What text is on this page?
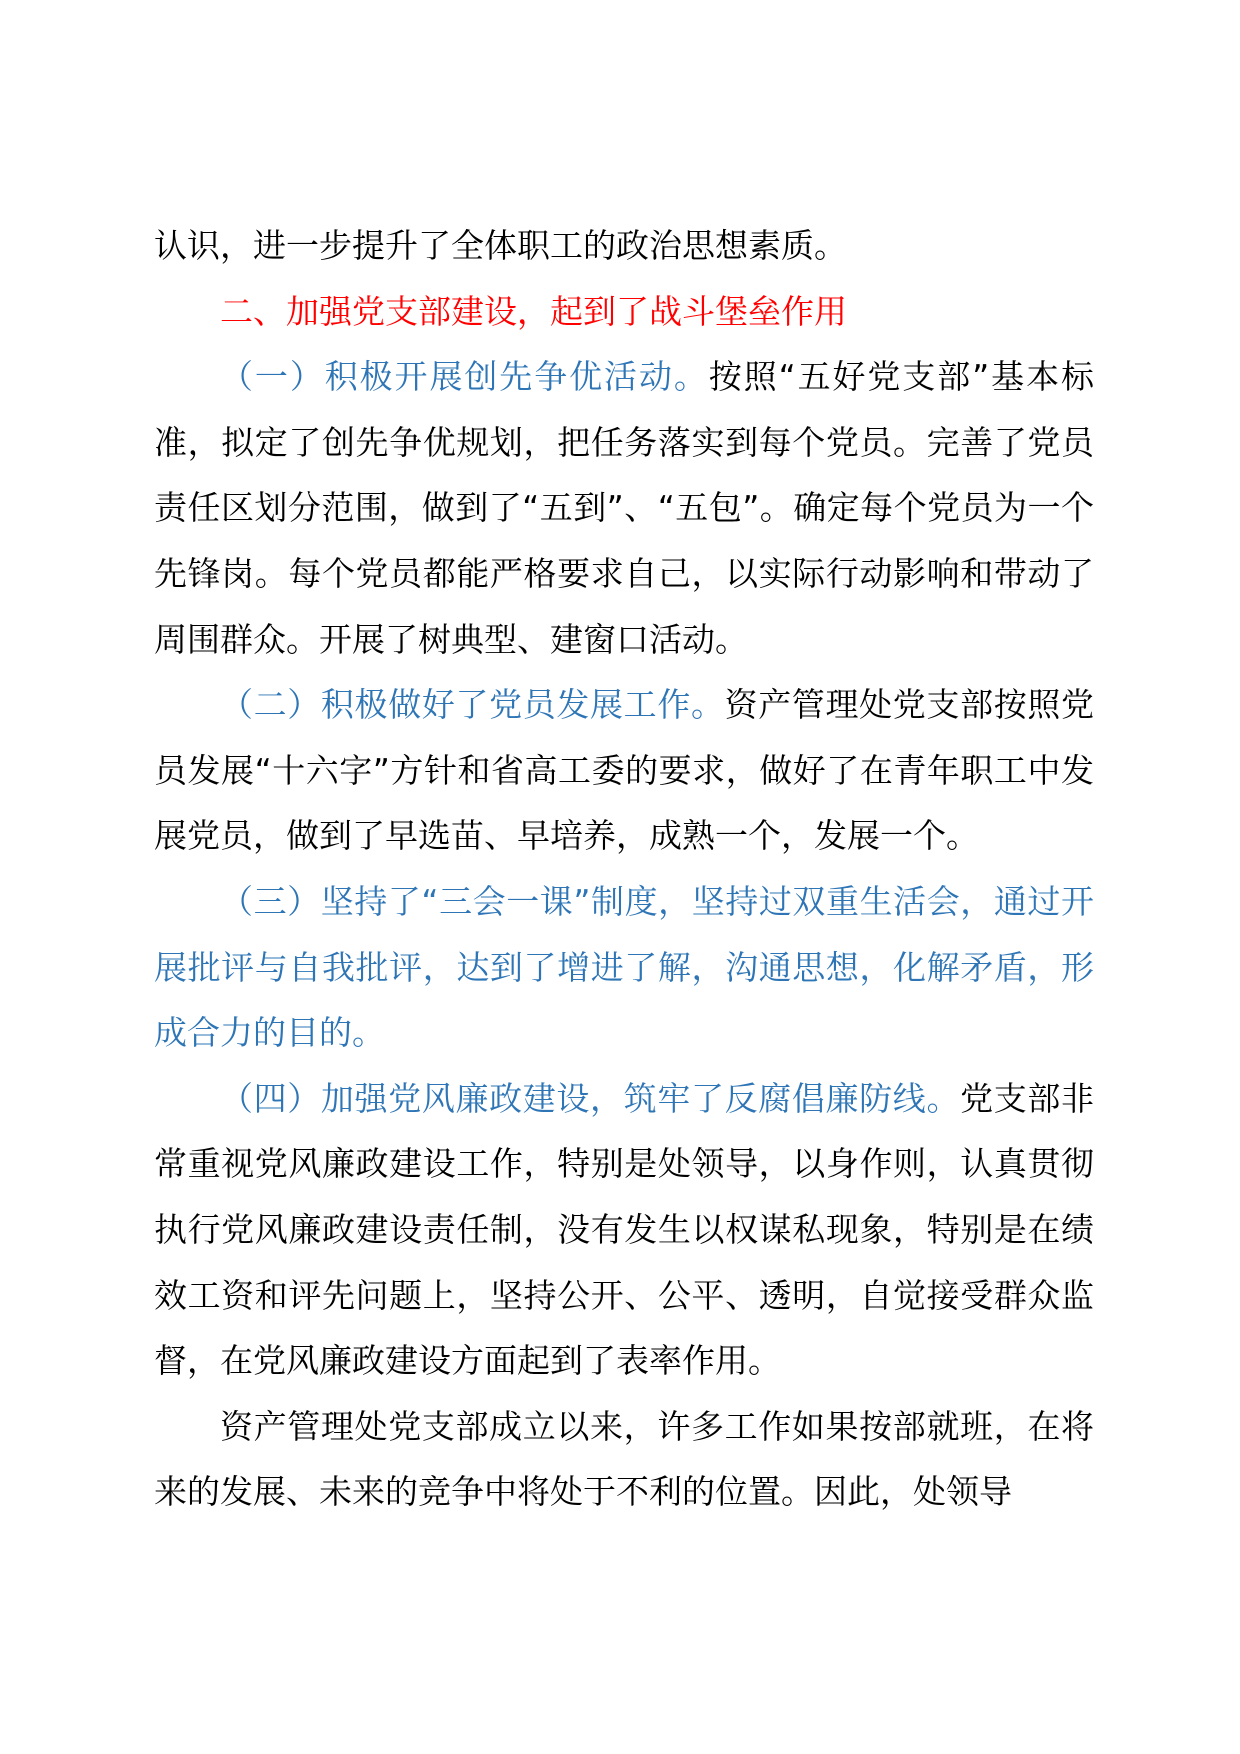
认识，进一步提升了全体职工的政治思想素质。

二、加强党支部建设，起到了战斗堡垒作用

（一）积极开展创先争优活动。按照“五好党支部”基本标准，拟定了创先争优规划，把任务落实到每个党员。完善了党员责任区划分范围，做到了“五到”、“五包”。确定每个党员为一个先锋岗。每个党员都能严格要求自己，以实际行动影响和带动了周围群众。开展了树典型、建窗口活动。

（二）积极做好了党员发展工作。资产管理处党支部按照党员发展“十六字”方针和省高工委的要求，做好了在青年职工中发展党员，做到了早选苗、早培养，成熟一个，发展一个。

（三）坚持了“三会一课”制度，坚持过双重生活会，通过开展批评与自我批评，达到了增进了解，沟通思想，化解矛盾，形成合力的目的。

（四）加强党风廉政建设，筑牢了反腐倡廉防线。党支部非常重视党风廉政建设工作，特别是处领导，以身作则，认真贯彻执行党风廉政建设责任制，没有发生以权谋私现象，特别是在绩效工资和评先问题上，坚持公开、公平、透明，自觉接受群众监督，在党风廉政建设方面起到了表率作用。

资产管理处党支部成立以来，许多工作如果按部就班，在将来的发展、未来的竞争中将处于不利的位置。因此，处领导
